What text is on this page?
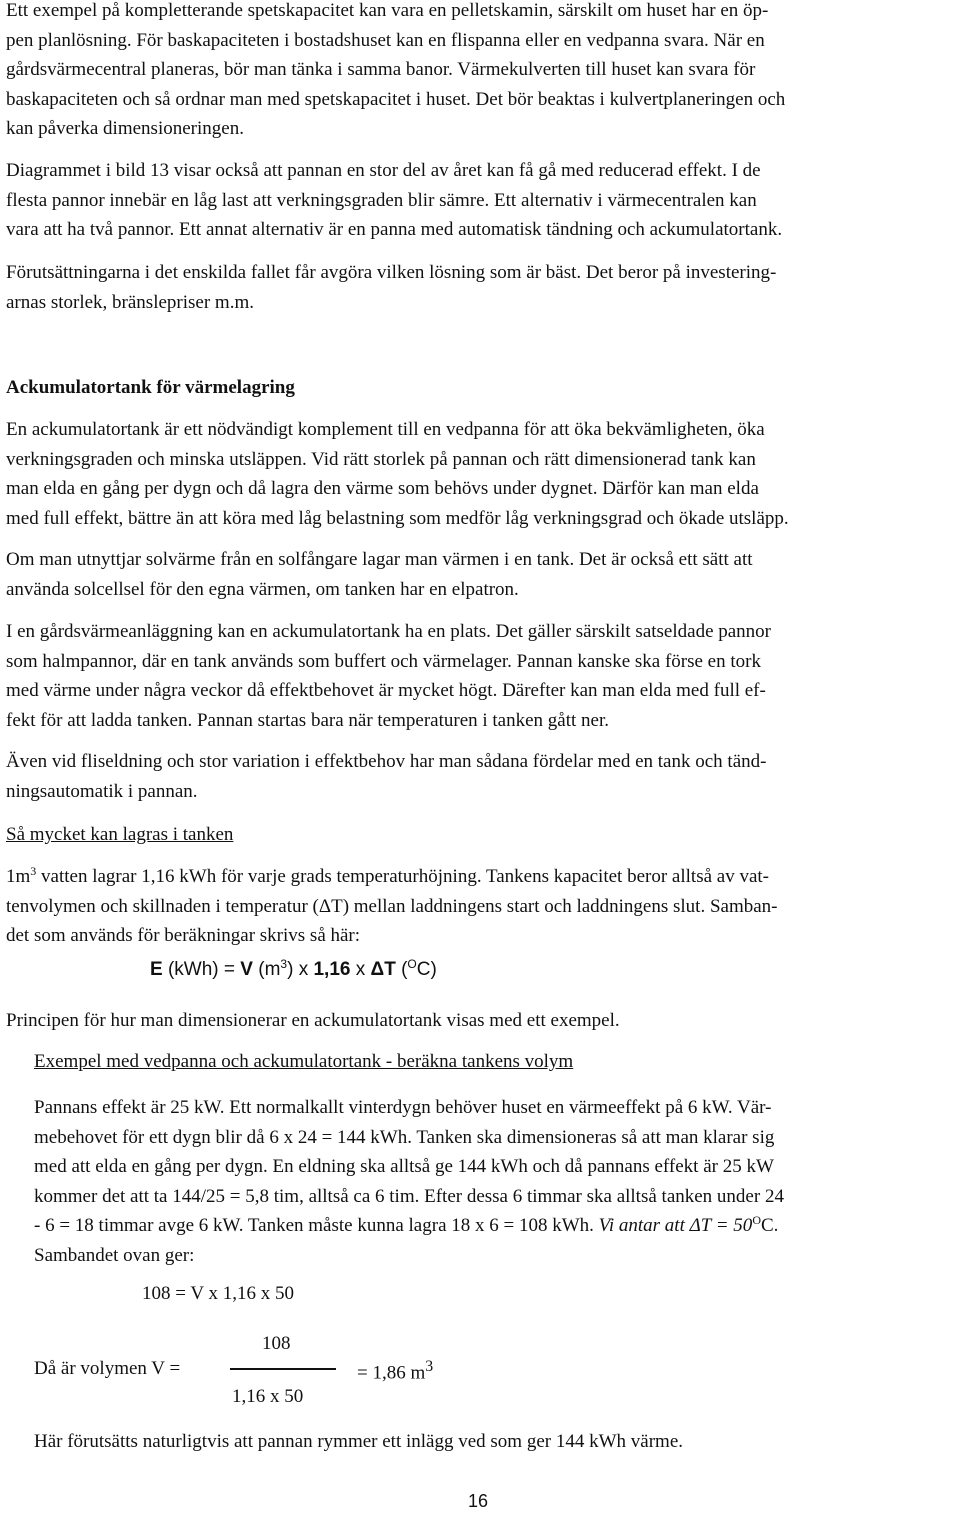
Ett exempel på kompletterande spetskapacitet kan vara en pelletskamin, särskilt om huset har en öp-
pen planlösning. För baskapaciteten i bostadshuset kan en flispanna eller en vedpanna svara. När en
gårdsvärmecentral planeras, bör man tänka i samma banor. Värmekulverten till huset kan svara för
baskapaciteten och så ordnar man med spetskapacitet i huset. Det bör beaktas i kulvertplaneringen och
kan påverka dimensioneringen.
Diagrammet i bild 13 visar också att pannan en stor del av året kan få gå med reducerad effekt. I de
flesta pannor innebär en låg last att verkningsgraden blir sämre. Ett alternativ i värmecentralen kan
vara att ha två pannor. Ett annat alternativ är en panna med automatisk tändning och ackumulatortank.
Förutsättningarna i det enskilda fallet får avgöra vilken lösning som är bäst. Det beror på investering-
arnas storlek, bränslepriser m.m.
Ackumulatortank för värmelagring
En ackumulatortank är ett nödvändigt komplement till en vedpanna för att öka bekvämligheten, öka
verkningsgraden och minska utsläppen. Vid rätt storlek på pannan och rätt dimensionerad tank kan
man elda en gång per dygn och då lagra den värme som behövs under dygnet. Därför kan man elda
med full effekt, bättre än att köra med låg belastning som medför låg verkningsgrad och ökade utsläpp.
Om man utnyttjar solvärme från en solfångare lagar man värmen i en tank. Det är också ett sätt att
använda solcellsel för den egna värmen, om tanken har en elpatron.
I en gårdsvärmeanläggning kan en ackumulatortank ha en plats. Det gäller särskilt satseldade pannor
som halmpannor, där en tank används som buffert och värmelager. Pannan kanske ska förse en tork
med värme under några veckor då effektbehovet är mycket högt. Därefter kan man elda med full ef-
fekt för att ladda tanken. Pannan startas bara när temperaturen i tanken gått ner.
Även vid fliseldning och stor variation i effektbehov har man sådana fördelar med en tank och tänd-
ningsautomatik i pannan.
Så mycket kan lagras i tanken
$1m^3$ vatten lagrar 1,16 kWh för varje grads temperaturhöjning. Tankens kapacitet beror alltså av vat-
tenvolymen och skillnaden i temperatur (ΔT) mellan laddningens start och laddningens slut. Samban-
det som används för beräkningar skrivs så här:
E (kWh) = V $(m^3)$ x 1,16 x ΔT ($^O$C)
Principen för hur man dimensionerar en ackumulatortank visas med ett exempel.
Exempel med vedpanna och ackumulatortank - beräkna tankens volym
Pannans effekt är 25 kW. Ett normalkallt vinterdygn behöver huset en värmeeffekt på 6 kW. Vär-
mebehovet för ett dygn blir då 6 x 24 = 144 kWh. Tanken ska dimensioneras så att man klarar sig
med att elda en gång per dygn. En eldning ska alltså ge 144 kWh och då pannans effekt är 25 kW
kommer det att ta 144/25 = 5,8 tim, alltså ca 6 tim. Efter dessa 6 timmar ska alltså tanken under 24
- 6 = 18 timmar avge 6 kW. Tanken måste kunna lagra 18 x 6 = 108 kWh. Vi antar att $\Delta T = 50^OC$.
Sambandet ovan ger:
108 = V x 1,16 x 50
108
1,16 x 50
Då är volymen V =	= 1,86 $m^3$
Här förutsätts naturligtvis att pannan rymmer ett inlägg ved som ger 144 kWh värme.
16
